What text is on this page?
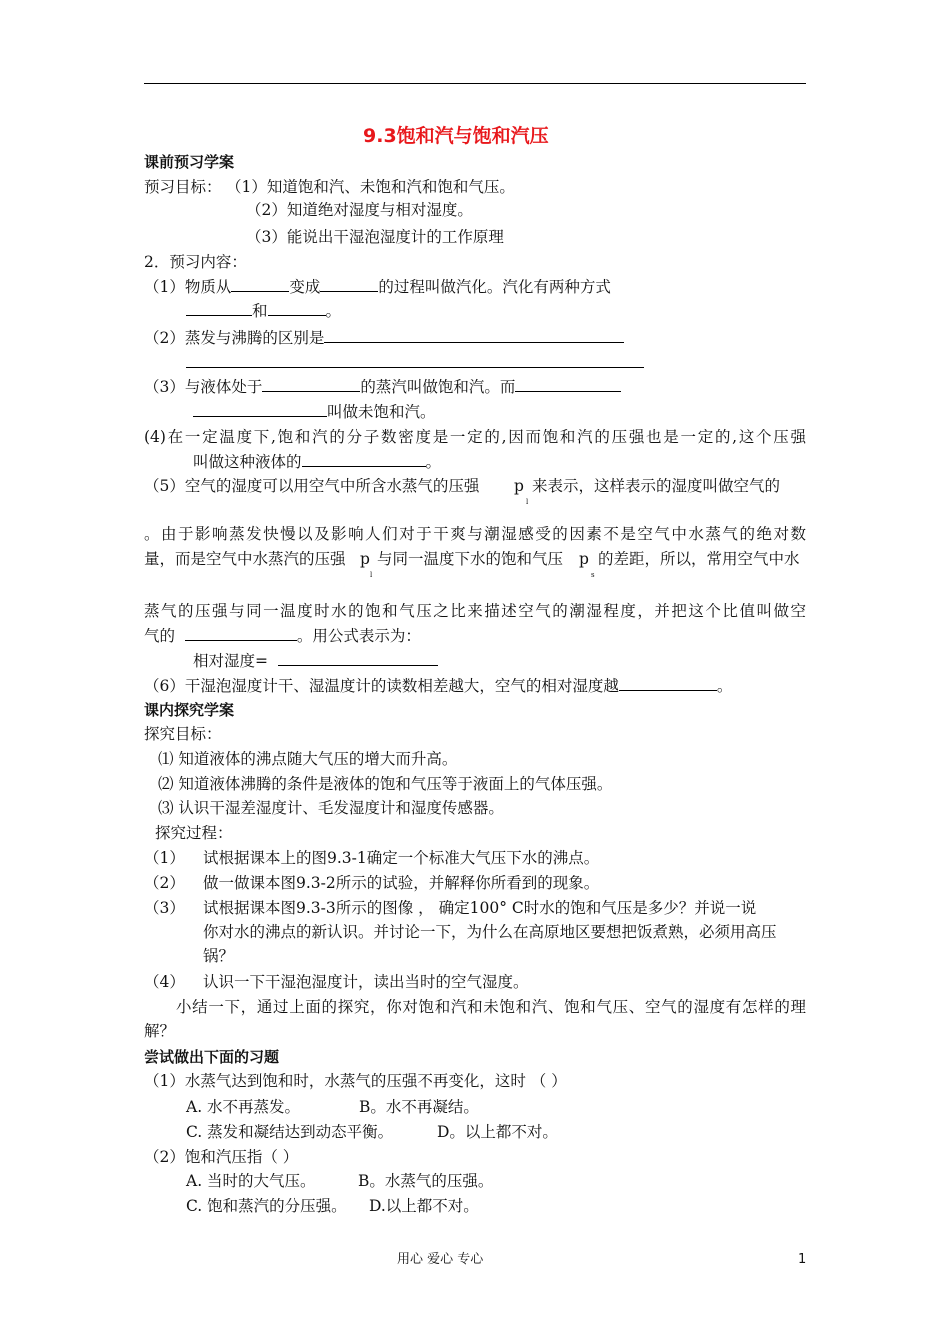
9.3饱和汽与饱和汽压
课前预习学案
预习目标： （1）知道饱和汽、未饱和汽和饱和气压。
（2）知道绝对湿度与相对湿度。
（3）能说出干湿泡湿度计的工作原理
2．预习内容：
（1）物质从	变成	的过程叫做汽化。汽化有两种方式
和	。
（2）蒸发与沸腾的区别是
（3）与液体处于	的蒸汽叫做饱和汽。而
叫做未饱和汽。
(4)在一定温度下,饱和汽的分子数密度是一定的,因而饱和汽的压强也是一定的,这个压强
叫做这种液体的	。
（5）空气的湿度可以用空气中所含水蒸气的压强 p
l
来表示，这样表示的湿度叫做空气的
。由于影响蒸发快慢以及影响人们对于干爽与潮湿感受的因素不是空气中水蒸气的绝对数
量，而是空气中水蒸汽的压强 p
l
与同一温度下水的饱和气压 p
s
的差距，所以，常用空气中水
蒸气的压强与同一温度时水的饱和气压之比来描述空气的潮湿程度，并把这个比值叫做空
气的	。用公式表示为：
相对湿度=
（6）干湿泡湿度计干、湿温度计的读数相差越大，空气的相对湿度越	。
课内探究学案
探究目标：
⑴ 知道液体的沸点随大气压的增大而升高。
⑵ 知道液体沸腾的条件是液体的饱和气压等于液面上的气体压强。
⑶ 认识干湿差湿度计、毛发湿度计和湿度传感器。
探究过程：
（1） 试根据课本上的图9.3-1确定一个标准大气压下水的沸点。
（2） 做一做课本图9.3-2所示的试验，并解释你所看到的现象。
（3） 试根据课本图9.3-3所示的图像 ， 确定100° C时水的饱和气压是多少？并说一说
你对水的沸点的新认识。并讨论一下，为什么在高原地区要想把饭煮熟，必须用高压
锅？
（4） 认识一下干湿泡湿度计，读出当时的空气湿度。
小结一下，通过上面的探究，你对饱和汽和未饱和汽、饱和气压、空气的湿度有怎样的理
解？
尝试做出下面的习题
（1）水蒸气达到饱和时，水蒸气的压强不再变化，这时 （ ）
A. 水不再蒸发。	B。水不再凝结。
C. 蒸发和凝结达到动态平衡。	D。以上都不对。
（2）饱和汽压指（ ）
A. 当时的大气压。	B。水蒸气的压强。
C. 饱和蒸汽的分压强。 D.以上都不对。
用心 爱心 专心	1
